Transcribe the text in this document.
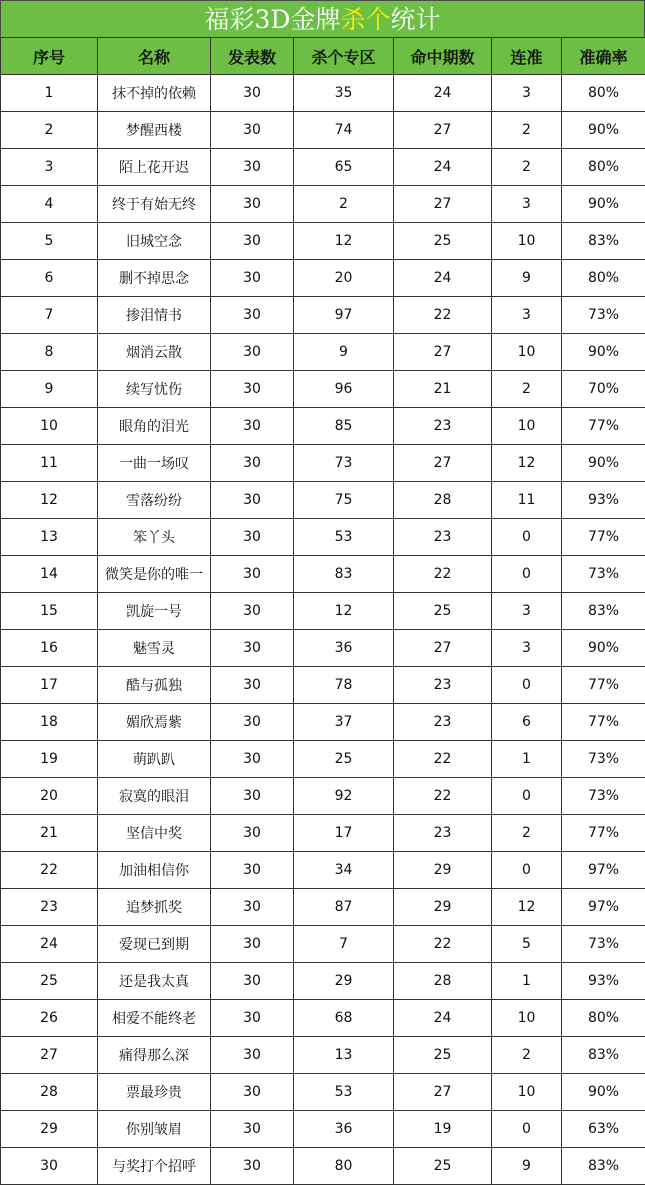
福彩3D金牌杀个统计
序号	名称	发表数	杀个专区	命中期数	连准	准确率
1	抹不掉的依赖	30	35	24	3	80%
2	梦醒西楼	30	74	27	2	90%
3	陌上花开迟	30	65	24	2	80%
4	终于有始无终	30	2	27	3	90%
5	旧城空念	30	12	25	10	83%
6	删不掉思念	30	20	24	9	80%
7	掺泪情书	30	97	22	3	73%
8	烟消云散	30	9	27	10	90%
9	续写忧伤	30	96	21	2	70%
10	眼角的泪光	30	85	23	10	77%
11	一曲一场叹	30	73	27	12	90%
12	雪落纷纷	30	75	28	11	93%
13	笨丫头	30	53	23	0	77%
14	微笑是你的唯一	30	83	22	0	73%
15	凯旋一号	30	12	25	3	83%
16	魅雪灵	30	36	27	3	90%
17	酷与孤独	30	78	23	0	77%
18	媚欣焉紫	30	37	23	6	77%
19	萌趴趴	30	25	22	1	73%
20	寂寞的眼泪	30	92	22	0	73%
21	坚信中奖	30	17	23	2	77%
22	加油相信你	30	34	29	0	97%
23	追梦抓奖	30	87	29	12	97%
24	爱现已到期	30	7	22	5	73%
25	还是我太真	30	29	28	1	93%
26	相爱不能终老	30	68	24	10	80%
27	痛得那么深	30	13	25	2	83%
28	票最珍贵	30	53	27	10	90%
29	你别皱眉	30	36	19	0	63%
30	与奖打个招呼	30	80	25	9	83%
